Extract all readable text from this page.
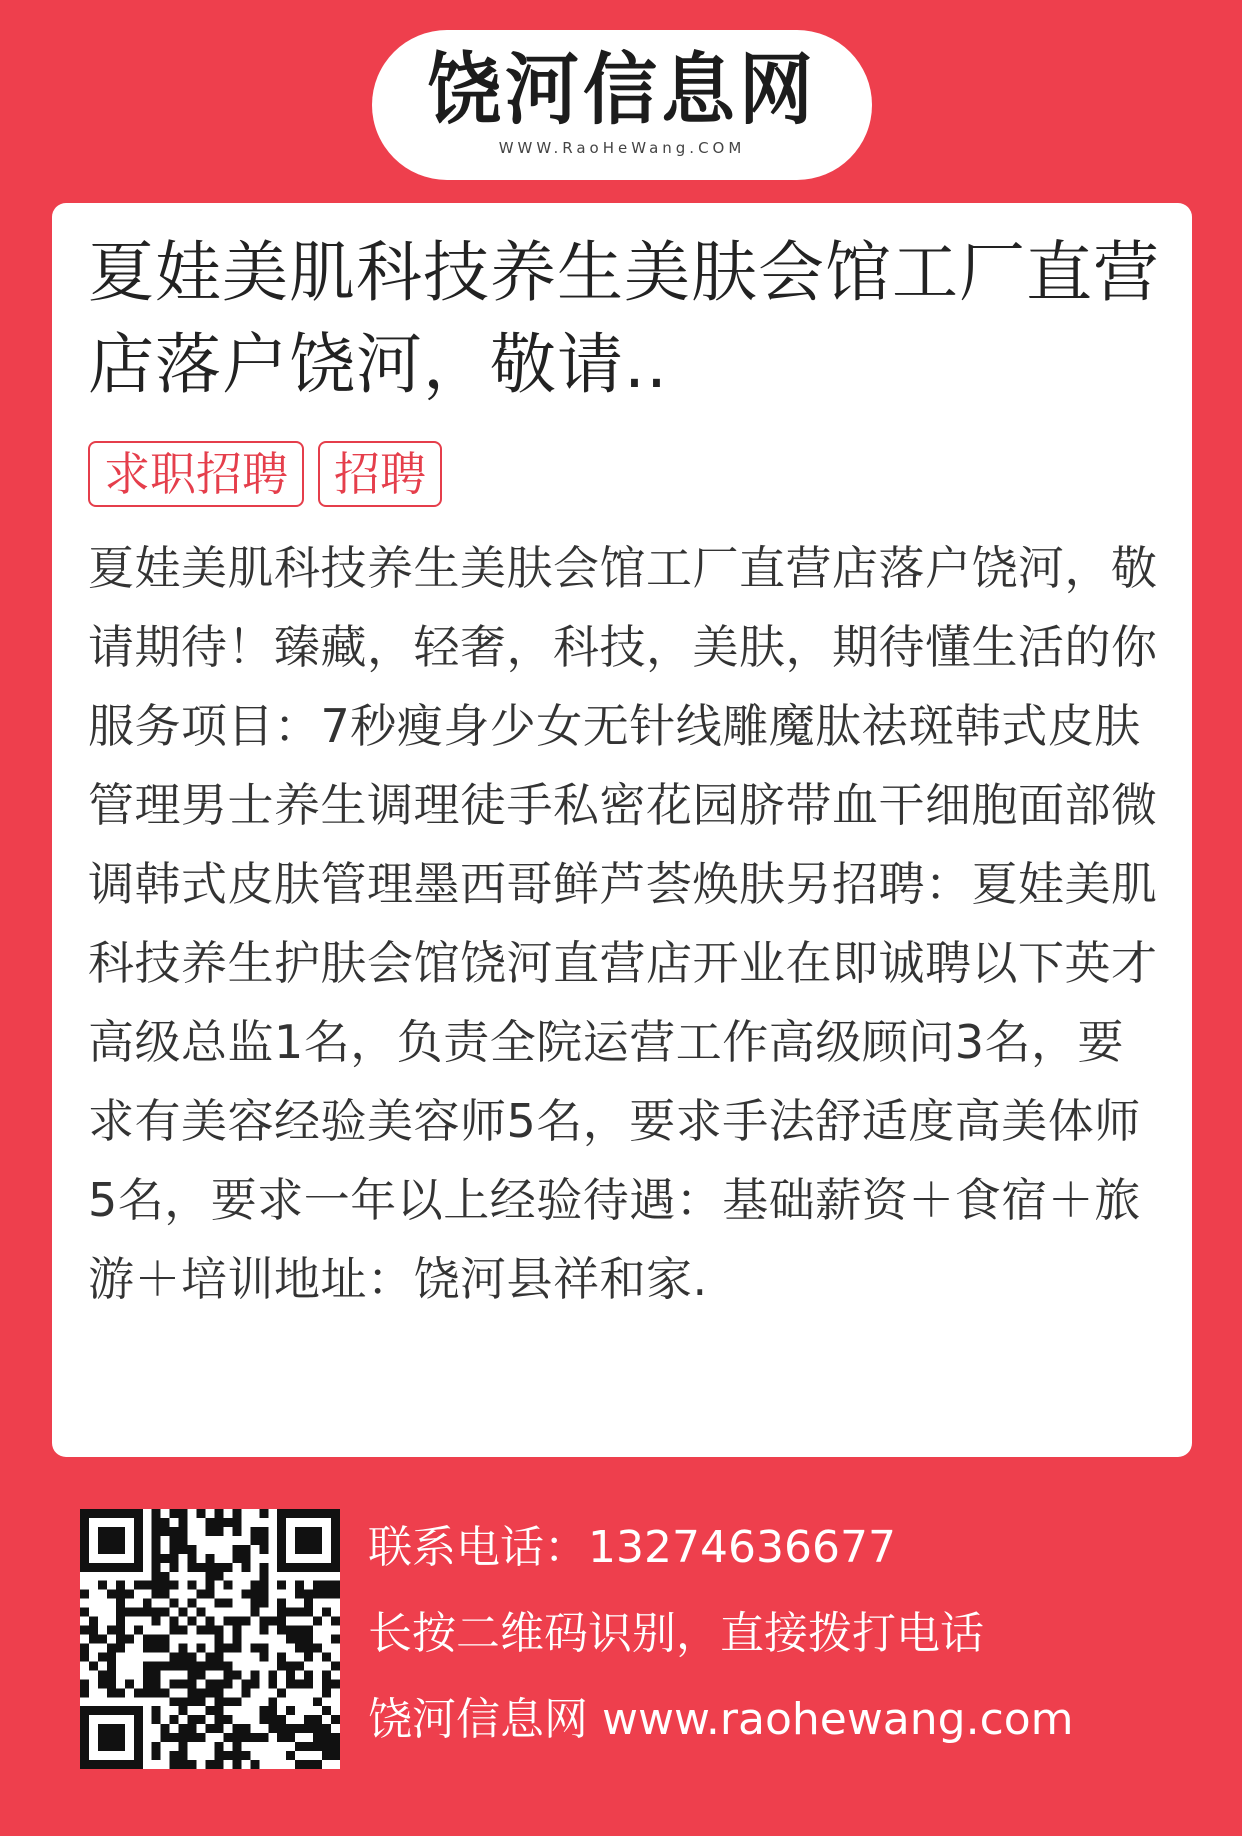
饶河信息网
WWW.RaoHeWang.COM
夏娃美肌科技养生美肤会馆工厂直营店落户饶河，敬请..
求职招聘	招聘
夏娃美肌科技养生美肤会馆工厂直营店落户饶河，敬请期待！臻藏，轻奢，科技，美肤，期待懂生活的你服务项目：7秒瘦身少女无针线雕魔肽祛斑韩式皮肤管理男士养生调理徒手私密花园脐带血干细胞面部微调韩式皮肤管理墨西哥鲜芦荟焕肤另招聘：夏娃美肌科技养生护肤会馆饶河直营店开业在即诚聘以下英才高级总监1名，负责全院运营工作高级顾问3名，要求有美容经验美容师5名，要求手法舒适度高美体师5名，要求一年以上经验待遇：基础薪资＋食宿＋旅游＋培训地址：饶河县祥和家.
联系电话：13274636677
长按二维码识别，直接拨打电话
饶河信息网 www.raohewang.com
